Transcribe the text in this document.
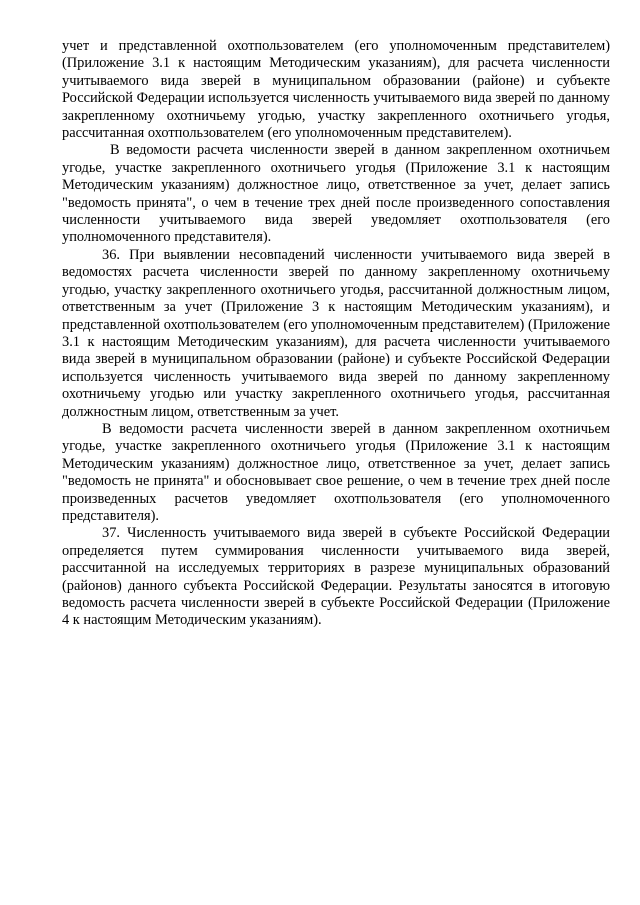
учет и представленной охотпользователем (его уполномоченным представителем) (Приложение 3.1 к настоящим Методическим указаниям), для расчета численности учитываемого вида зверей в муниципальном образовании (районе) и субъекте Российской Федерации используется численность учитываемого вида зверей по данному закрепленному охотничьему угодью, участку закрепленного охотничьего угодья, рассчитанная охотпользователем (его уполномоченным представителем).

В ведомости расчета численности зверей в данном закрепленном охотничьем угодье, участке закрепленного охотничьего угодья (Приложение 3.1 к настоящим Методическим указаниям) должностное лицо, ответственное за учет, делает запись "ведомость принята", о чем в течение трех дней после произведенного сопоставления численности учитываемого вида зверей уведомляет охотпользователя (его уполномоченного представителя).

36. При выявлении несовпадений численности учитываемого вида зверей в ведомостях расчета численности зверей по данному закрепленному охотничьему угодью, участку закрепленного охотничьего угодья, рассчитанной должностным лицом, ответственным за учет (Приложение 3 к настоящим Методическим указаниям), и представленной охотпользователем (его уполномоченным представителем) (Приложение 3.1 к настоящим Методическим указаниям), для расчета численности учитываемого вида зверей в муниципальном образовании (районе) и субъекте Российской Федерации используется численность учитываемого вида зверей по данному закрепленному охотничьему угодью или участку закрепленного охотничьего угодья, рассчитанная должностным лицом, ответственным за учет.

В ведомости расчета численности зверей в данном закрепленном охотничьем угодье, участке закрепленного охотничьего угодья (Приложение 3.1 к настоящим Методическим указаниям) должностное лицо, ответственное за учет, делает запись "ведомость не принята" и обосновывает свое решение, о чем в течение трех дней после произведенных расчетов уведомляет охотпользователя (его уполномоченного представителя).

37. Численность учитываемого вида зверей в субъекте Российской Федерации определяется путем суммирования численности учитываемого вида зверей, рассчитанной на исследуемых территориях в разрезе муниципальных образований (районов) данного субъекта Российской Федерации. Результаты заносятся в итоговую ведомость расчета численности зверей в субъекте Российской Федерации (Приложение 4 к настоящим Методическим указаниям).
